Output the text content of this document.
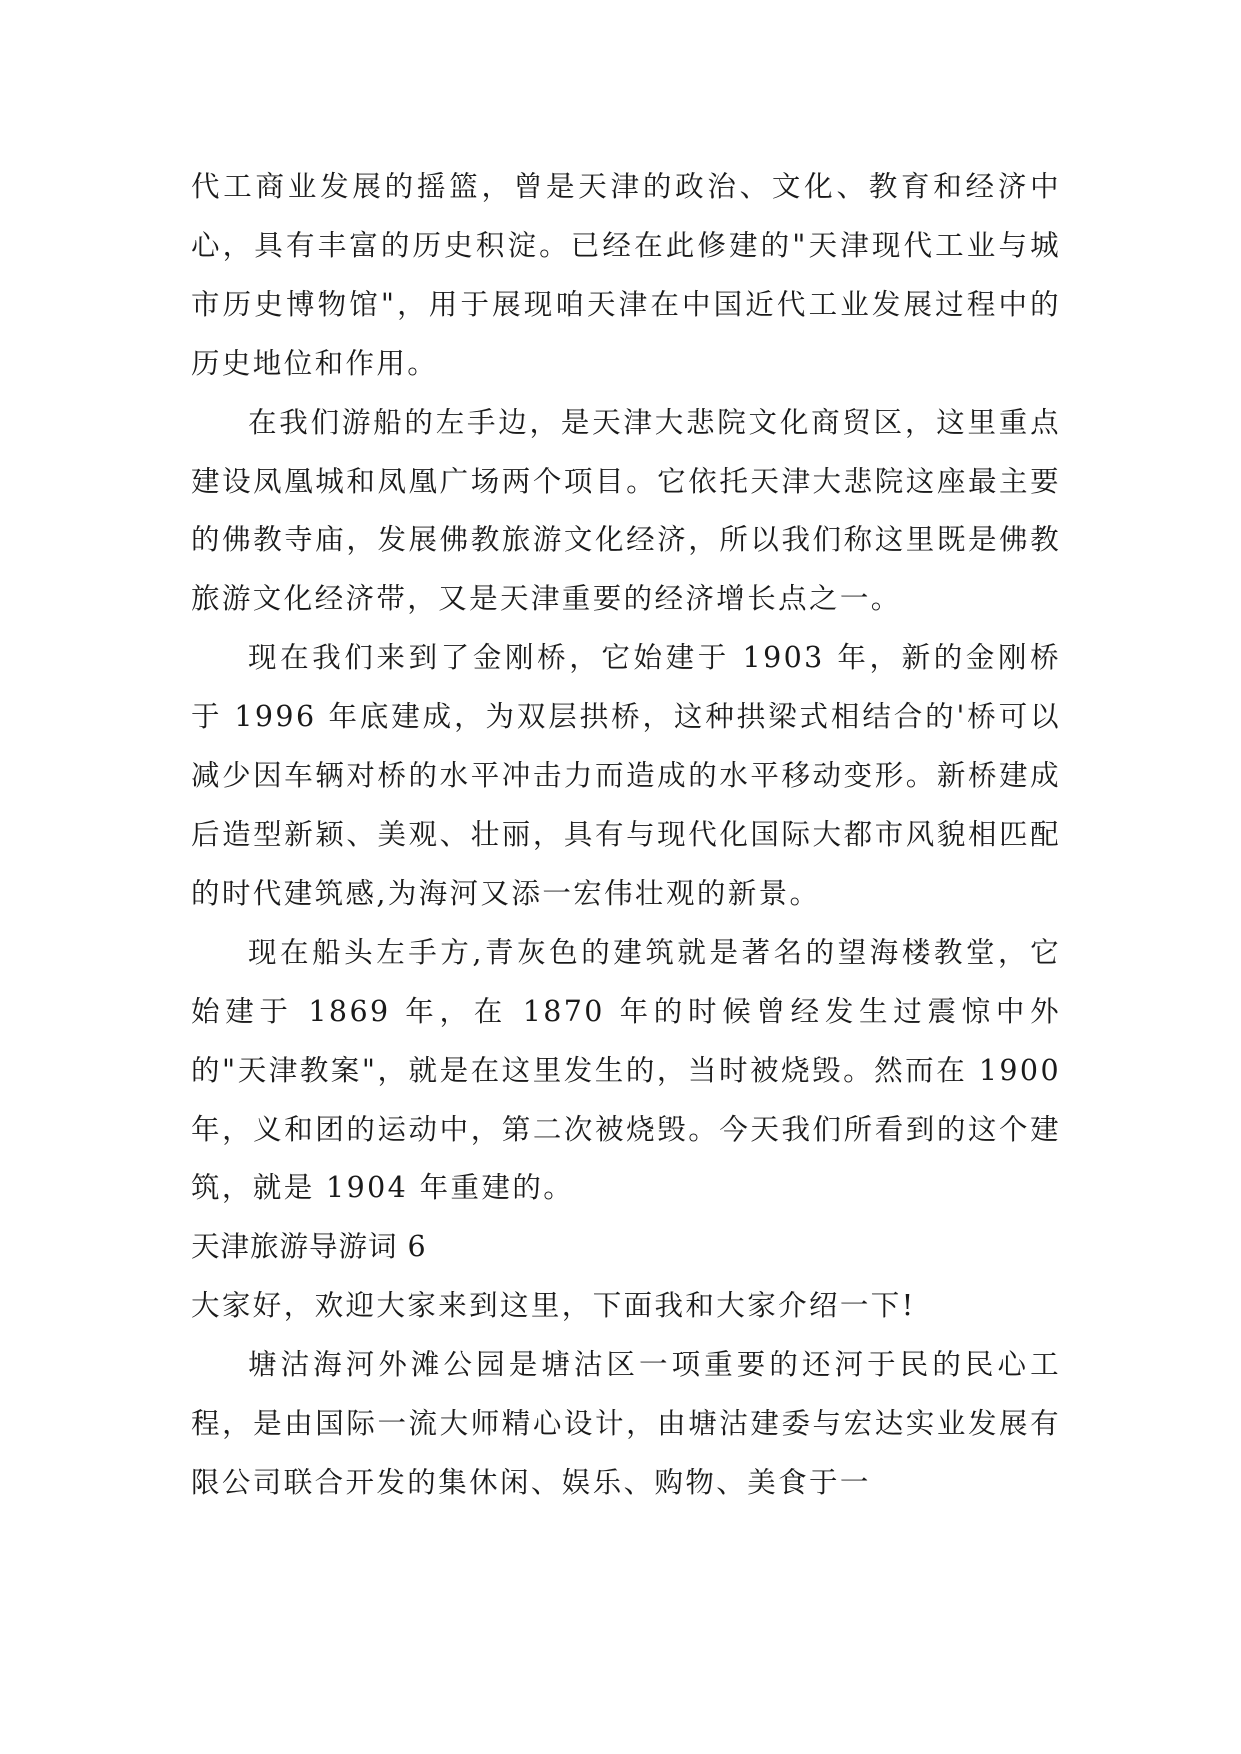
代工商业发展的摇篮，曾是天津的政治、文化、教育和经济中心，具有丰富的历史积淀。已经在此修建的"天津现代工业与城市历史博物馆"，用于展现咱天津在中国近代工业发展过程中的历史地位和作用。

在我们游船的左手边，是天津大悲院文化商贸区，这里重点建设凤凰城和凤凰广场两个项目。它依托天津大悲院这座最主要的佛教寺庙，发展佛教旅游文化经济，所以我们称这里既是佛教旅游文化经济带，又是天津重要的经济增长点之一。

现在我们来到了金刚桥，它始建于 1903 年，新的金刚桥于 1996 年底建成，为双层拱桥，这种拱梁式相结合的'桥可以减少因车辆对桥的水平冲击力而造成的水平移动变形。新桥建成后造型新颖、美观、壮丽，具有与现代化国际大都市风貌相匹配的时代建筑感,为海河又添一宏伟壮观的新景。

现在船头左手方,青灰色的建筑就是著名的望海楼教堂，它始建于 1869 年，在 1870 年的时候曾经发生过震惊中外的"天津教案"，就是在这里发生的，当时被烧毁。然而在 1900 年，义和团的运动中，第二次被烧毁。今天我们所看到的这个建筑，就是 1904 年重建的。

天津旅游导游词 6

大家好，欢迎大家来到这里，下面我和大家介绍一下!

塘沽海河外滩公园是塘沽区一项重要的还河于民的民心工程，是由国际一流大师精心设计，由塘沽建委与宏达实业发展有限公司联合开发的集休闲、娱乐、购物、美食于一
